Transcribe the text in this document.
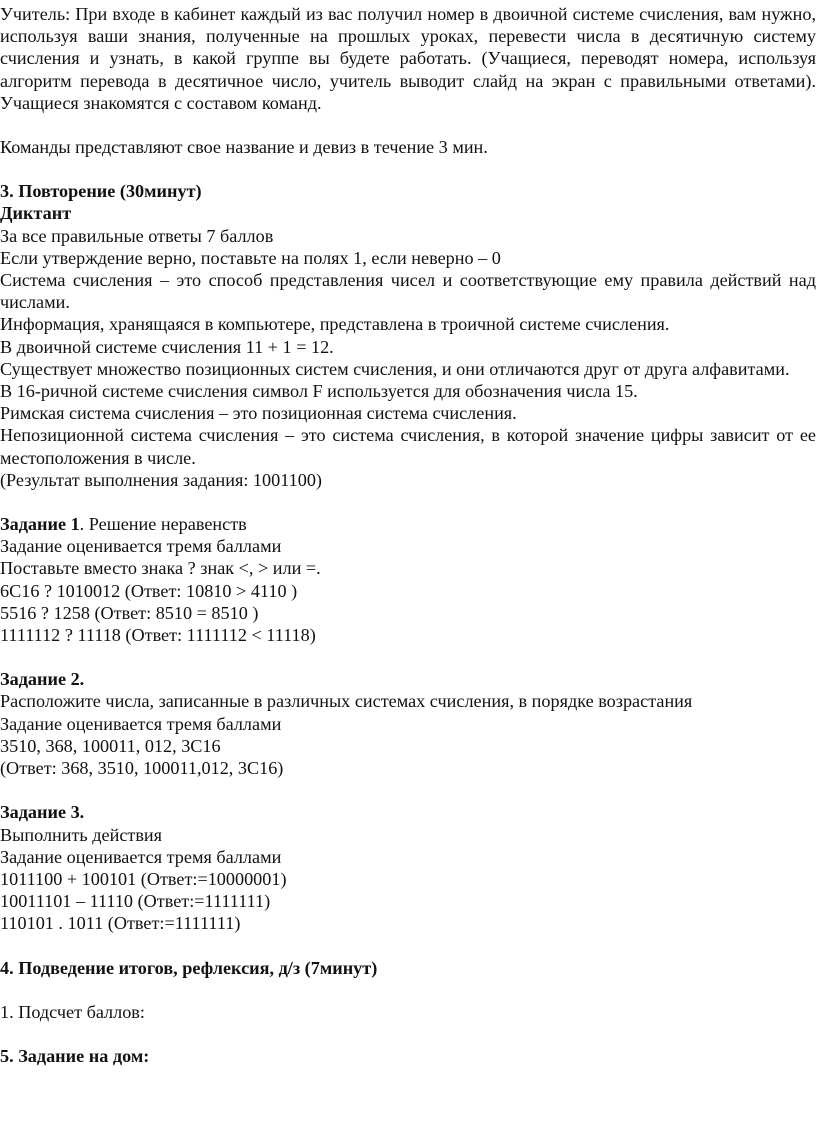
Учитель: При входе в кабинет каждый из вас получил номер в двоичной системе счисления, вам нужно, используя ваши знания, полученные на прошлых уроках, перевести числа в десятичную систему счисления и узнать, в какой группе вы будете работать. (Учащиеся, переводят номера, используя алгоритм перевода в десятичное число, учитель выводит слайд на экран с правильными ответами). Учащиеся знакомятся с составом команд.

Команды представляют свое название и девиз в течение 3 мин.

3. Повторение (30минут)

Диктант

За все правильные ответы 7 баллов

Если утверждение верно, поставьте на полях 1, если неверно – 0

Система счисления – это способ представления чисел и соответствующие ему правила действий над числами.

Информация, хранящаяся в компьютере, представлена в троичной системе счисления.

В двоичной системе счисления 11 + 1 = 12.

Существует множество позиционных систем счисления, и они отличаются друг от друга алфавитами.

В 16-ричной системе счисления символ F используется для обозначения числа 15.

Римская система счисления – это позиционная система счисления.

Непозиционной система счисления – это система счисления, в которой значение цифры зависит от ее местоположения в числе.

(Результат выполнения задания: 1001100)

Задание 1. Решение неравенств

Задание оценивается тремя баллами

Поставьте вместо знака ? знак <, > или =.

6С16 ? 1010012 (Ответ: 10810 > 4110 )

5516 ? 1258 (Ответ: 8510 = 8510 )

1111112 ? 11118 (Ответ: 1111112 < 11118)

Задание 2.

Расположите числа, записанные в различных системах счисления, в порядке возрастания

Задание оценивается тремя баллами

3510, 368, 100011, 012, 3С16

(Ответ: 368, 3510, 100011,012, 3С16)

Задание 3.

Выполнить действия

Задание оценивается тремя баллами

1011100 + 100101 (Ответ:=10000001)

10011101 – 11110 (Ответ:=1111111)

110101 . 1011 (Ответ:=1111111)

4. Подведение итогов, рефлексия, д/з (7минут)

1. Подсчет баллов:

5. Задание на дом:
